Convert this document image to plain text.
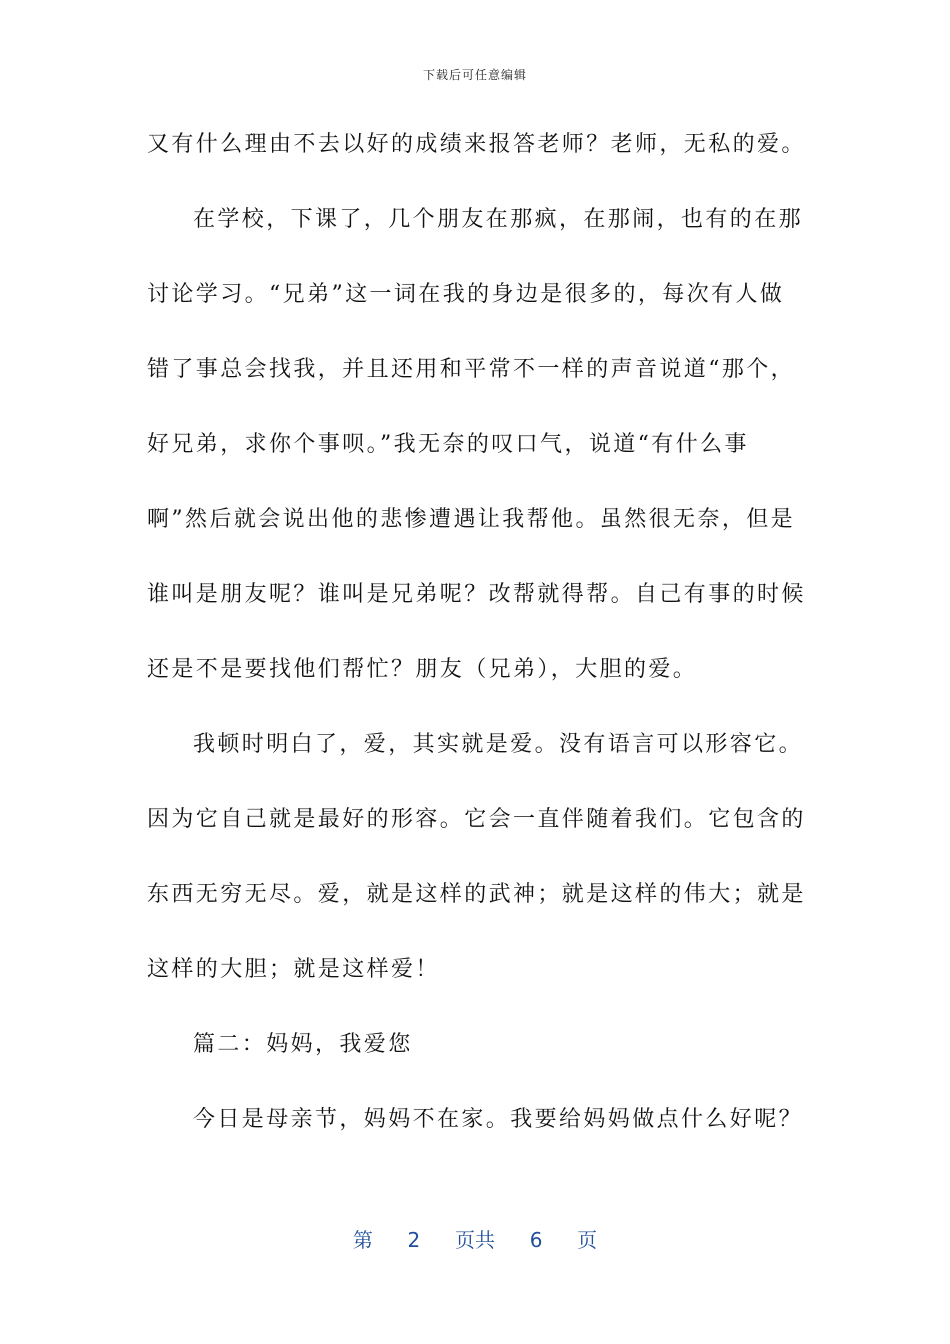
下载后可任意编辑
又有什么理由不去以好的成绩来报答老师？老师，无私的爱。
在学校，下课了，几个朋友在那疯，在那闹，也有的在那
讨论学习。“兄弟”这一词在我的身边是很多的，每次有人做
错了事总会找我，并且还用和平常不一样的声音说道“那个，
好兄弟，求你个事呗。”我无奈的叹口气，说道“有什么事
啊”然后就会说出他的悲惨遭遇让我帮他。虽然很无奈，但是
谁叫是朋友呢？谁叫是兄弟呢？改帮就得帮。自己有事的时候
还是不是要找他们帮忙？朋友（兄弟），大胆的爱。
我顿时明白了，爱，其实就是爱。没有语言可以形容它。
因为它自己就是最好的形容。它会一直伴随着我们。它包含的
东西无穷无尽。爱，就是这样的武神；就是这样的伟大；就是
这样的大胆；就是这样爱！
篇二：妈妈，我爱您
今日是母亲节，妈妈不在家。我要给妈妈做点什么好呢？
第 2 页共 6 页
